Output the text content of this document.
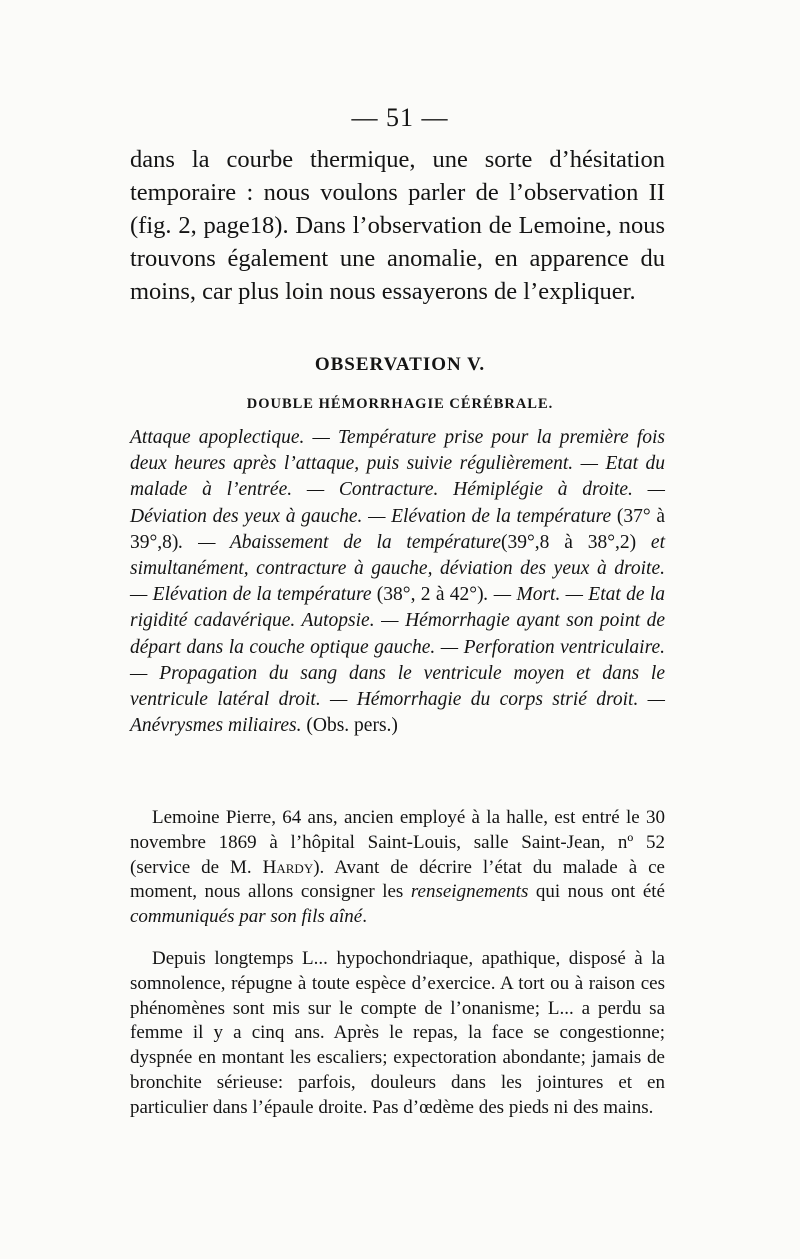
— 51 —

dans la courbe thermique, une sorte d’hésitation temporaire : nous voulons parler de l’observation II (fig. 2, page18). Dans l’observation de Lemoine, nous trouvons également une anomalie, en apparence du moins, car plus loin nous essayerons de l’expliquer.

OBSERVATION V.
DOUBLE HÉMORRHAGIE CÉRÉBRALE.

Attaque apoplectique. — Température prise pour la première fois deux heures après l’attaque, puis suivie régulièrement. — Etat du malade à l’entrée. — Contracture. Hémiplégie à droite. — Déviation des yeux à gauche. — Elévation de la température (37° à 39°,8). — Abaissement de la température(39°,8 à 38°,2) et simultanément, contracture à gauche, déviation des yeux à droite. — Elévation de la température (38°, 2 à 42°). — Mort. — Etat de la rigidité cadavérique. Autopsie. — Hémorrhagie ayant son point de départ dans la couche optique gauche. — Perforation ventriculaire. — Propagation du sang dans le ventricule moyen et dans le ventricule latéral droit. — Hémorrhagie du corps strié droit. — Anévrysmes miliaires. (Obs. pers.)

Lemoine Pierre, 64 ans, ancien employé à la halle, est entré le 30 novembre 1869 à l’hôpital Saint-Louis, salle Saint-Jean, nº 52 (service de M. Hardy). Avant de décrire l’état du malade à ce moment, nous allons consigner les renseignements qui nous ont été communiqués par son fils aîné.

Depuis longtemps L... hypochondriaque, apathique, disposé à la somnolence, répugne à toute espèce d’exercice. A tort ou à raison ces phénomènes sont mis sur le compte de l’onanisme; L... a perdu sa femme il y a cinq ans. Après le repas, la face se congestionne; dyspnée en montant les escaliers; expectoration abondante; jamais de bronchite sérieuse: parfois, douleurs dans les jointures et en particulier dans l’épaule droite. Pas d’œdème des pieds ni des mains.
